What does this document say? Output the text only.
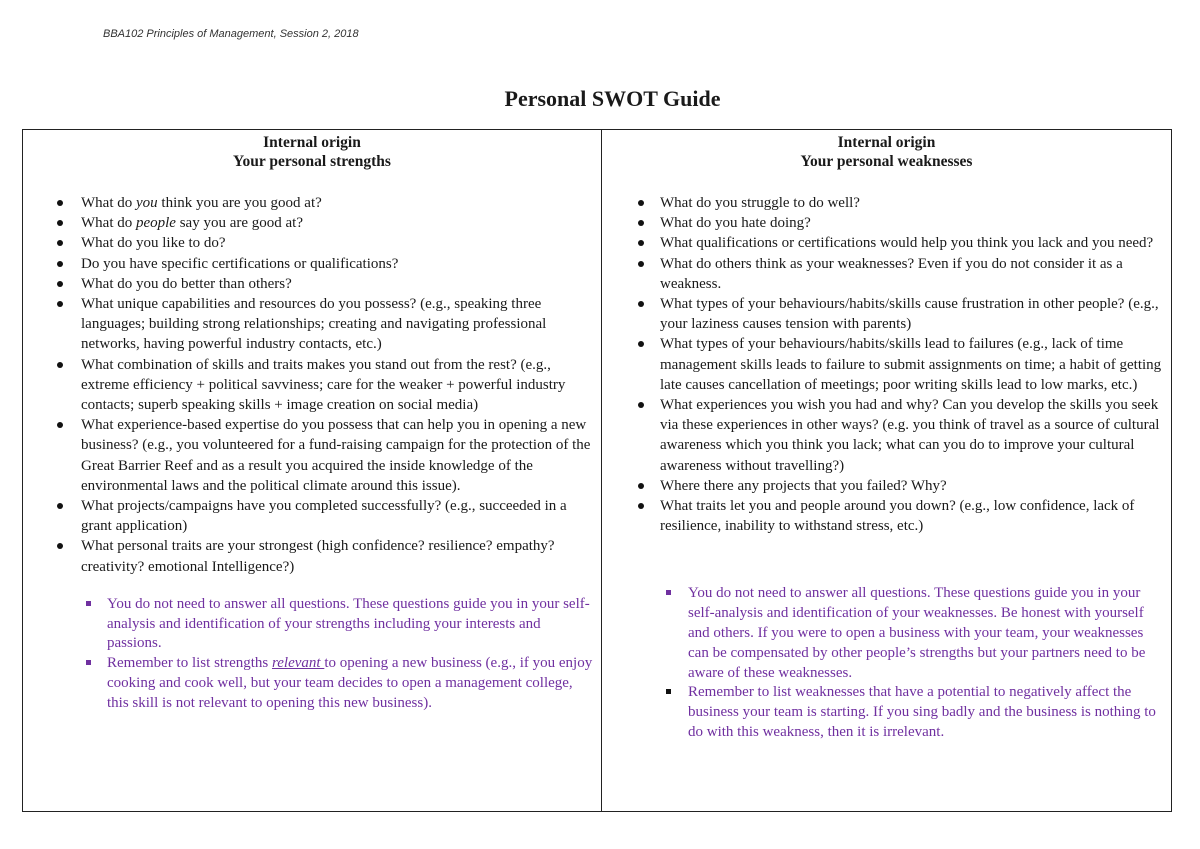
BBA102 Principles of Management, Session 2, 2018
Personal SWOT Guide
Internal origin
Your personal strengths
What do you think you are you good at?
What do people say you are good at?
What do you like to do?
Do you have specific certifications or qualifications?
What do you do better than others?
What unique capabilities and resources do you possess? (e.g., speaking three languages; building strong relationships; creating and navigating professional networks, having powerful industry contacts, etc.)
What combination of skills and traits makes you stand out from the rest? (e.g., extreme efficiency + political savviness; care for the weaker + powerful industry contacts; superb speaking skills + image creation on social media)
What experience-based expertise do you possess that can help you in opening a new business? (e.g., you volunteered for a fund-raising campaign for the protection of the Great Barrier Reef and as a result you acquired the inside knowledge of the environmental laws and the political climate around this issue).
What projects/campaigns have you completed successfully? (e.g., succeeded in a grant application)
What personal traits are your strongest (high confidence? resilience? empathy? creativity? emotional Intelligence?)
You do not need to answer all questions. These questions guide you in your self-analysis and identification of your strengths including your interests and passions.
Remember to list strengths relevant to opening a new business (e.g., if you enjoy cooking and cook well, but your team decides to open a management college, this skill is not relevant to opening this new business).
Internal origin
Your personal weaknesses
What do you struggle to do well?
What do you hate doing?
What qualifications or certifications would help you think you lack and you need?
What do others think as your weaknesses? Even if you do not consider it as a weakness.
What types of your behaviours/habits/skills cause frustration in other people? (e.g., your laziness causes tension with parents)
What types of your behaviours/habits/skills lead to failures (e.g., lack of time management skills leads to failure to submit assignments on time; a habit of getting late causes cancellation of meetings; poor writing skills lead to low marks, etc.)
What experiences you wish you had and why? Can you develop the skills you seek via these experiences in other ways? (e.g. you think of travel as a source of cultural awareness which you think you lack; what can you do to improve your cultural awareness without travelling?)
Where there any projects that you failed? Why?
What traits let you and people around you down? (e.g., low confidence, lack of resilience, inability to withstand stress, etc.)
You do not need to answer all questions. These questions guide you in your self-analysis and identification of your weaknesses. Be honest with yourself and others. If you were to open a business with your team, your weaknesses can be compensated by other people’s strengths but your partners need to be aware of these weaknesses.
Remember to list weaknesses that have a potential to negatively affect the business your team is starting. If you sing badly and the business is nothing to do with this weakness, then it is irrelevant.
